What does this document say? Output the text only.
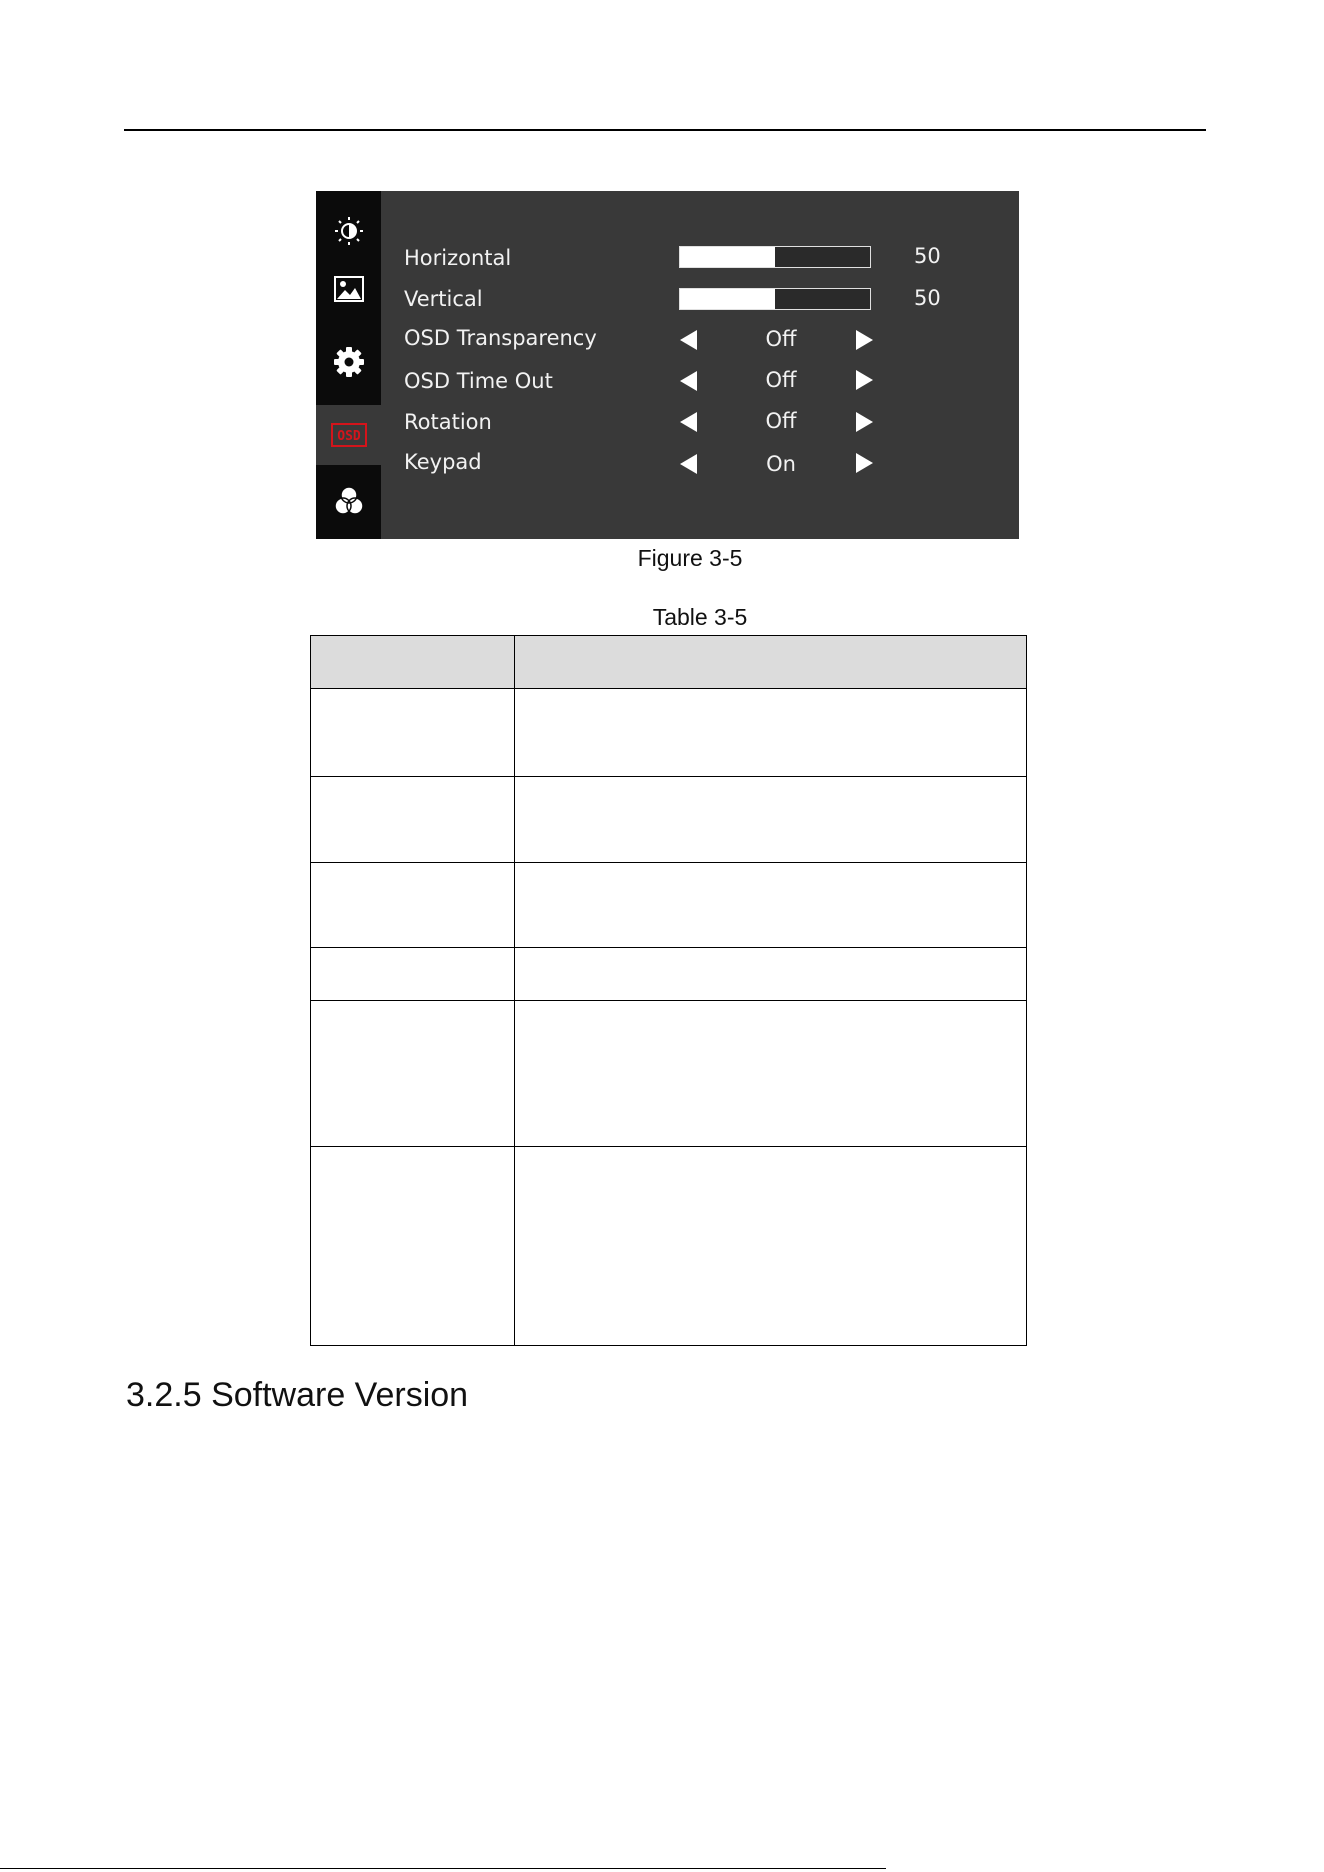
OSD
Horizontal	50
Vertical	50
OSD Transparency	Off
OSD Time Out	Off
Rotation	Off
Keypad	On
Figure 3-5
Table 3-5

3.2.5 Software Version
